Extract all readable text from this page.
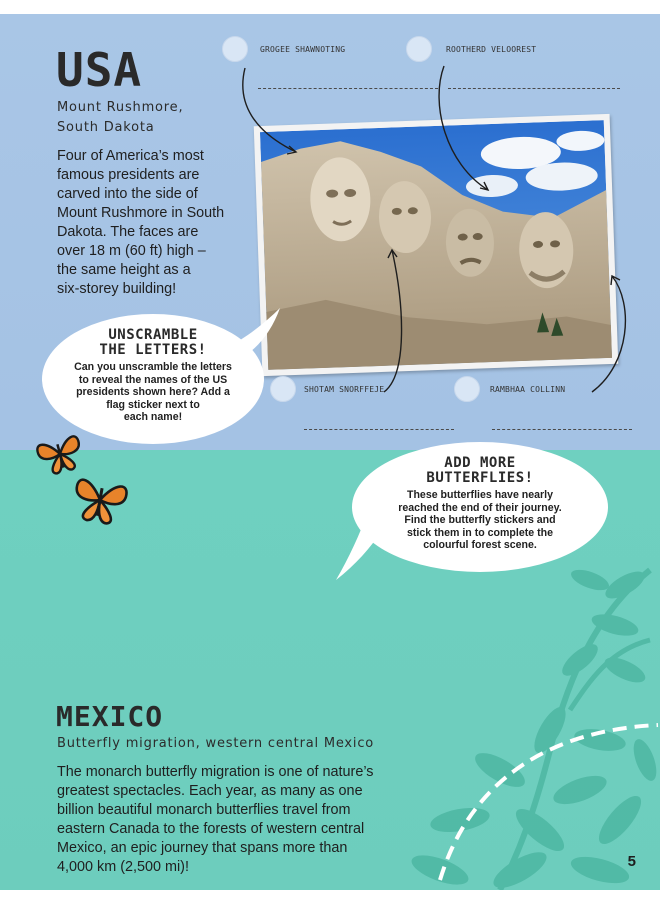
USA

Mount Rushmore,

South Dakota

Four of America’s most
famous presidents are
carved into the side of
Mount Rushmore in South
Dakota. The faces are
over 18 m (60 ft) high –
the same height as a
six-storey building!
GROGEE SHAWNOTING	ROOTHERD VELOOREST
SHOTAM SNORFFEJE	RAMBHAA COLLINN
UNSCRAMBLE
THE LETTERS!

Can you unscramble the letters

to reveal the names of the US

presidents shown here? Add a

flag sticker next to

each name!

ADD MORE
BUTTERFLIES!

These butterflies have nearly

reached the end of their journey.

Find the butterfly stickers and

stick them in to complete the

colourful forest scene.

MEXICO

Butterfly migration, western central Mexico

The monarch butterfly migration is one of nature’s
greatest spectacles. Each year, as many as one
billion beautiful monarch butterflies travel from
eastern Canada to the forests of western central
Mexico, an epic journey that spans more than
4,000 km (2,500 mi)!	5
